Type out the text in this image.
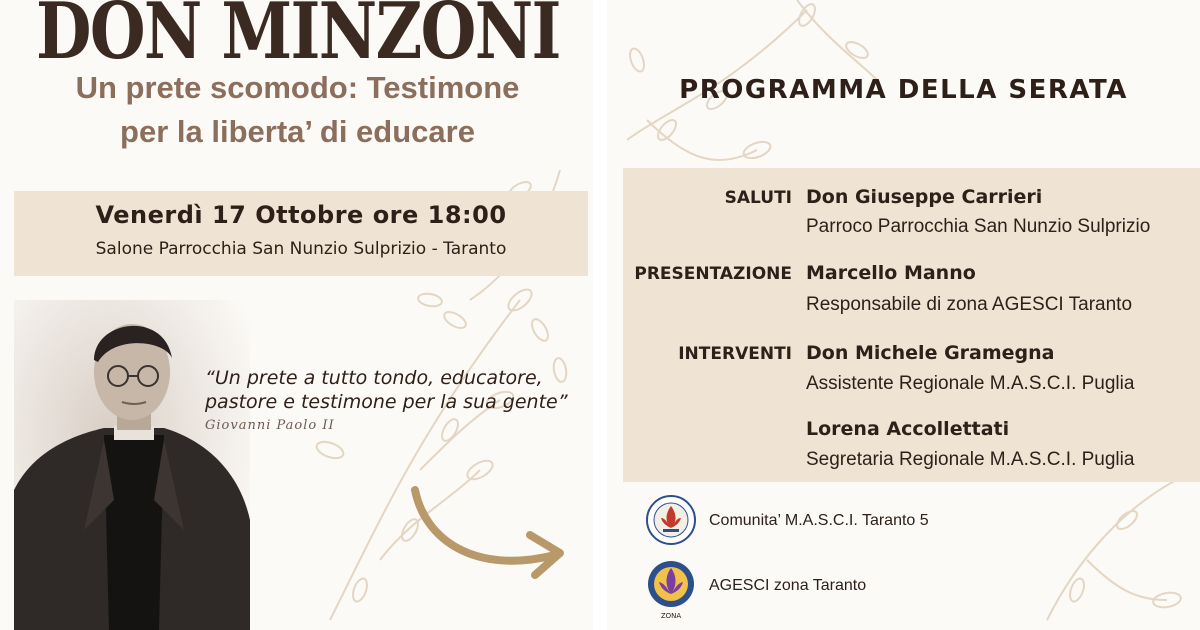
DON MINZONI
Un prete scomodo: Testimone
per la liberta’ di educare
Venerdì 17 Ottobre ore 18:00
Salone Parrocchia San Nunzio Sulprizio - Taranto
“Un prete a tutto tondo, educatore,
pastore e testimone per la sua gente”
Giovanni Paolo II
PROGRAMMA DELLA SERATA
SALUTI Don Giuseppe Carrieri
Parroco Parrocchia San Nunzio Sulprizio
PRESENTAZIONE Marcello Manno
Responsabile di zona AGESCI Taranto
INTERVENTI Don Michele Gramegna
Assistente Regionale M.A.S.C.I. Puglia
Lorena Accollettati
Segretaria Regionale M.A.S.C.I. Puglia
Comunita’ M.A.S.C.I. Taranto 5
ZONA
AGESCI zona Taranto
